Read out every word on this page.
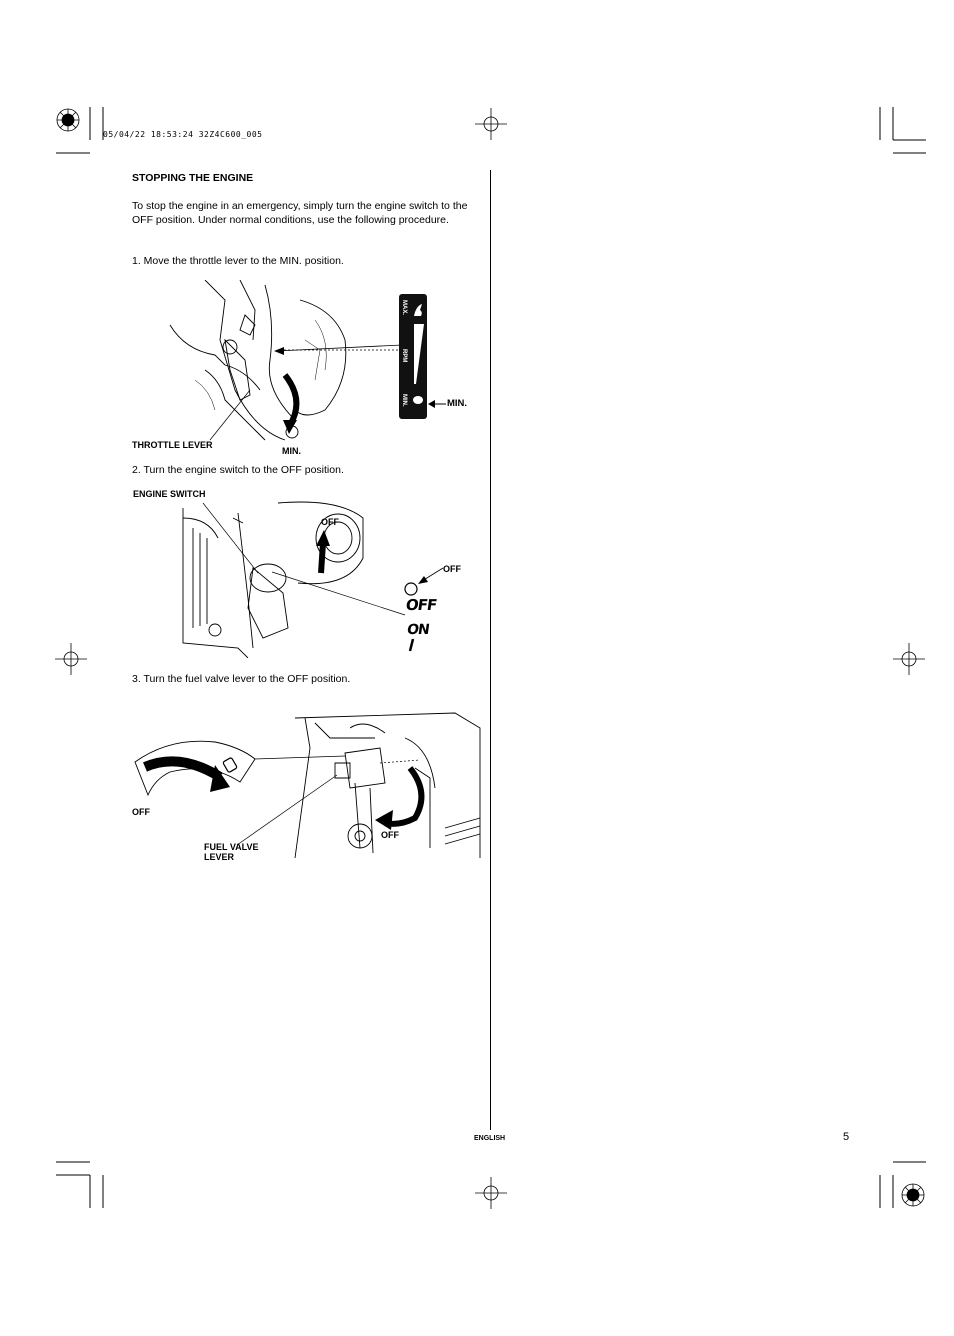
05/04/22 18:53:24 32Z4C600_005
STOPPING THE ENGINE
To stop the engine in an emergency, simply turn the engine switch to the OFF position. Under normal conditions, use the following procedure.
1. Move the throttle lever to the MIN. position.
MAX.
RPM
MIN.	MIN.
THROTTLE LEVER
MIN.
2. Turn the engine switch to the OFF position.
ENGINE SWITCH
OFF
OFF
ON
OFF
3. Turn the fuel valve lever to the OFF position.
OFF
FUEL VALVE LEVER
OFF
ENGLISH	5
